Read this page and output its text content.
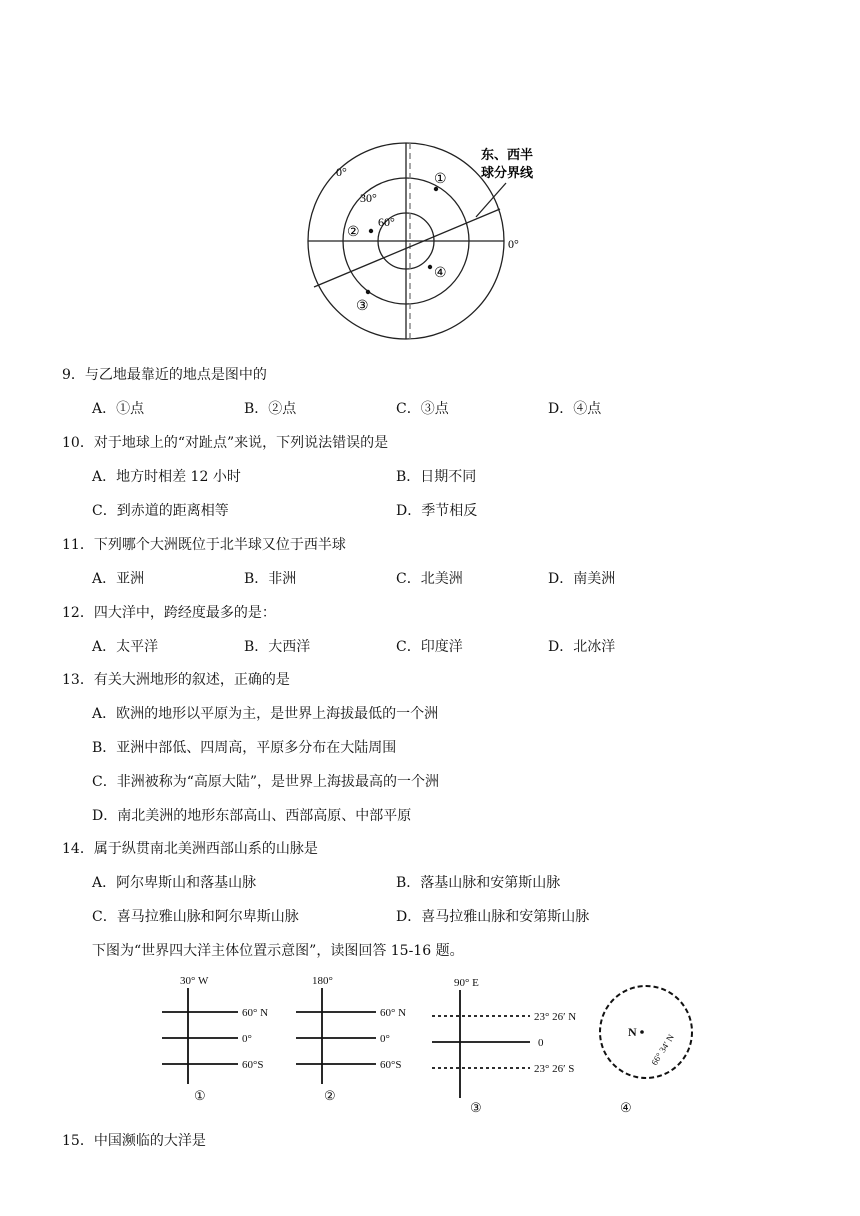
0°
30°
60°
0°
①
②
③
④
东、西半
球分界线
9．与乙地最靠近的地点是图中的
A．①点	B．②点	C．③点	D．④点
10．对于地球上的“对趾点”来说，下列说法错误的是
A．地方时相差 12 小时	B．日期不同
C．到赤道的距离相等	D．季节相反
11．下列哪个大洲既位于北半球又位于西半球
A．亚洲	B．非洲	C．北美洲	D．南美洲
12．四大洋中，跨经度最多的是：
A．太平洋	B．大西洋	C．印度洋	D．北冰洋
13．有关大洲地形的叙述，正确的是
A．欧洲的地形以平原为主，是世界上海拔最低的一个洲
B．亚洲中部低、四周高，平原多分布在大陆周围
C．非洲被称为“高原大陆”，是世界上海拔最高的一个洲
D．南北美洲的地形东部高山、西部高原、中部平原
14．属于纵贯南北美洲西部山系的山脉是
A．阿尔卑斯山和落基山脉	B．落基山脉和安第斯山脉
C．喜马拉雅山脉和阿尔卑斯山脉	D．喜马拉雅山脉和安第斯山脉
下图为“世界四大洋主体位置示意图”，读图回答 15-16 题。
30° W
60° N
0°
60°S
①
180°
60° N
0°
60°S
②
90° E
23° 26′ N
0
23° 26′ S
③
N
66° 34′ N
④
15．中国濒临的大洋是
